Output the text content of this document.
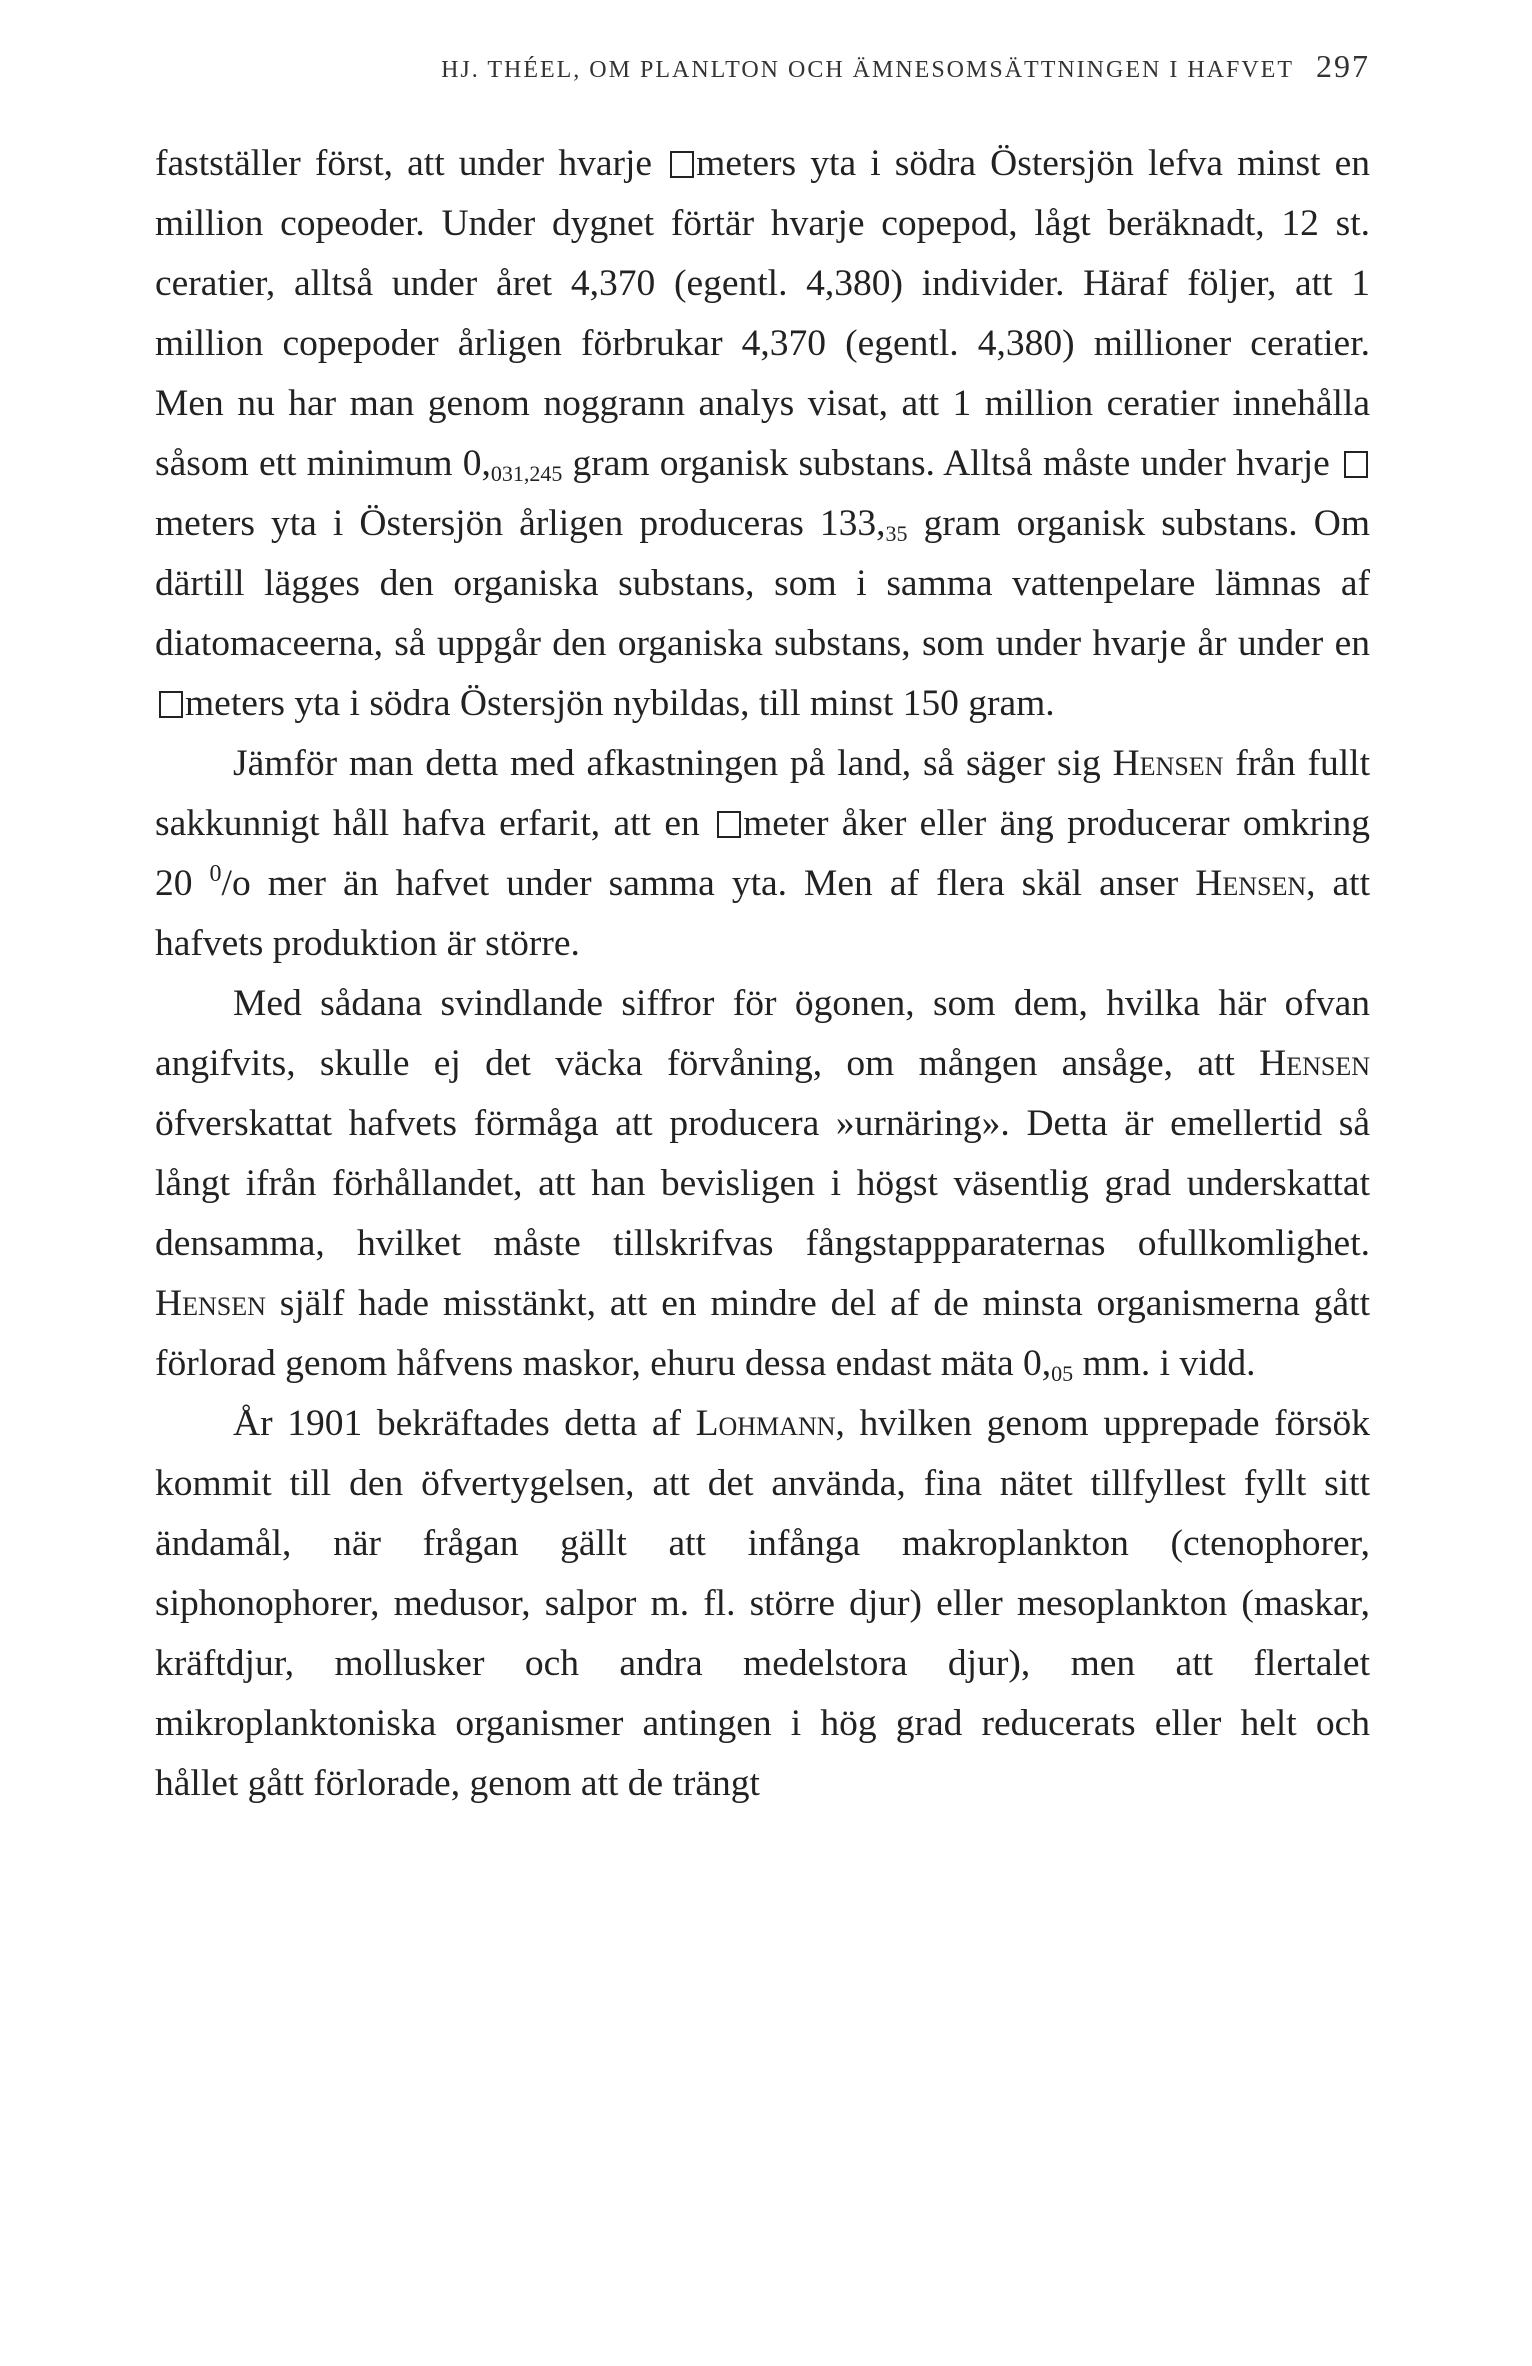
HJ. THÉEL, OM PLANLTON OCH ÄMNESOMSÄTTNINGEN I HAFVET 297

fastställer först, att under hvarje meters yta i södra Östersjön lefva minst en million copeoder. Under dygnet förtär hvarje copepod, lågt beräknadt, 12 st. ceratier, alltså under året 4,370 (egentl. 4,380) individer. Häraf följer, att 1 million copepoder årligen förbrukar 4,370 (egentl. 4,380) millioner ceratier. Men nu har man genom noggrann analys visat, att 1 million ceratier innehålla såsom ett minimum $0,_{031,245}$ gram organisk substans. Alltså måste under hvarje meters yta i Östersjön årligen produceras $133,_{35}$ gram organisk substans. Om därtill lägges den organiska substans, som i samma vattenpelare lämnas af diatomaceerna, så uppgår den organiska substans, som under hvarje år under en meters yta i södra Östersjön nybildas, till minst 150 gram.

Jämför man detta med afkastningen på land, så säger sig Hensen från fullt sakkunnigt håll hafva erfarit, att en meter åker eller äng producerar omkring 20 $^0$/o mer än hafvet under samma yta. Men af flera skäl anser Hensen, att hafvets produktion är större.

Med sådana svindlande siffror för ögonen, som dem, hvilka här ofvan angifvits, skulle ej det väcka förvåning, om mången ansåge, att Hensen öfverskattat hafvets förmåga att producera »urnäring». Detta är emellertid så långt ifrån förhållandet, att han bevisligen i högst väsentlig grad underskattat densamma, hvilket måste tillskrifvas fångstappparaternas ofullkomlighet. Hensen själf hade misstänkt, att en mindre del af de minsta organismerna gått förlorad genom håfvens maskor, ehuru dessa endast mäta $0,_{05}$ mm. i vidd.

År 1901 bekräftades detta af Lohmann, hvilken genom upprepade försök kommit till den öfvertygelsen, att det använda, fina nätet tillfyllest fyllt sitt ändamål, när frågan gällt att infånga makroplankton (ctenophorer, siphonophorer, medusor, salpor m. fl. större djur) eller mesoplankton (maskar, kräftdjur, mollusker och andra medelstora djur), men att flertalet mikroplanktoniska organismer antingen i hög grad reducerats eller helt och hållet gått förlorade, genom att de trängt
